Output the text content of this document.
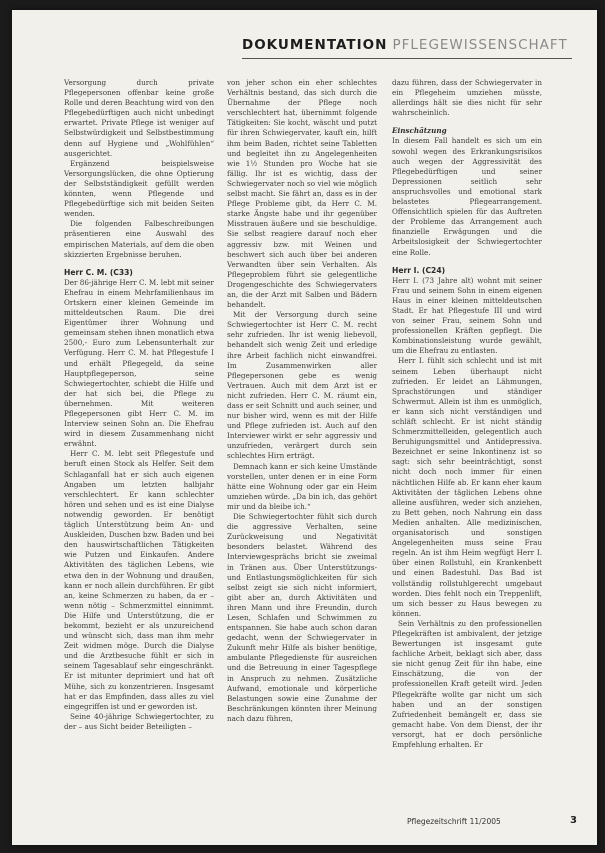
DOKUMENTATION PFLEGEWISSENSCHAFT

Versorgung durch private Pflegepersonen offenbar keine große Rolle und deren Beachtung wird von den Pflegebedürftigen auch nicht unbedingt erwartet. Private Pflege ist weniger auf Selbstwürdigkeit und Selbstbestimmung denn auf Hygiene und „Wohlfühlen“ ausgerichtet.

Ergänzend beispielsweise Versorgungslücken, die ohne Optierung der Selbstständigkeit gefüllt werden könnten, wenn Pflegende und Pflegebedürftige sich mit beiden Seiten wenden.

Die folgenden Falbeschreibungen präsentieren eine Auswahl des empirischen Materials, auf dem die oben skizzierten Ergebnisse beruhen.

Herr C. M. (C33)

Der 86-jährige Herr C. M. lebt mit seiner Ehefrau in einem Mehrfamilienhaus im Ortskern einer kleinen Gemeinde im mitteldeutschen Raum. Die drei Eigentümer ihrer Wohnung und gemeinsam stehen ihnen monatlich etwa 2500,- Euro zum Lebensunterhalt zur Verfügung. Herr C. M. hat Pflegestufe I und erhält Pflegegeld, da seine Hauptpflegeperson, seine Schwiegertochter, schiebt die Hilfe und der hat sich bei, die Pflege zu übernehmen. Mit weiteren Pflegepersonen gibt Herr C. M. im Interview seinen Sohn an. Die Ehefrau wird in diesem Zusammenhang nicht erwähnt.

Herr C. M. lebt seit Pflegestufe und beruft einen Stock als Helfer. Seit dem Schlaganfall hat er sich auch eigenen Angaben um letzten halbjahr verschlechtert. Er kann schlechter hören und sehen und es ist eine Dialyse notwendig geworden. Er benötigt täglich Unterstützung beim An- und Auskleiden, Duschen bzw. Baden und bei den hauswirtschaftlichen Tätigkeiten wie Putzen und Einkaufen. Andere Aktivitäten des täglichen Lebens, wie etwa den in der Wohnung und draußen, kann er noch allein durchführen. Er gibt an, keine Schmerzen zu haben, da er – wenn nötig – Schmerzmittel einnimmt. Die Hilfe und Unterstützung, die er bekommt, bezieht er als unzureichend und wünscht sich, dass man ihm mehr Zeit widmen möge. Durch die Dialyse und die Arztbesuche fühlt er sich in seinem Tagesablauf sehr eingeschränkt. Er ist mitunter deprimiert und hat oft Mühe, sich zu konzentrieren. Insgesamt hat er das Empfinden, dass alles zu viel eingegriffen ist und er geworden ist.

Seine 40-jährige Schwiegertochter, zu der – aus Sicht beider Beteiligten –

von jeher schon ein eher schlechtes Verhältnis bestand, das sich durch die Übernahme der Pflege noch verschlechtert hat, übernimmt folgende Tätigkeiten: Sie kocht, wäscht und putzt für ihren Schwiegervater, kauft ein, hilft ihm beim Baden, richtet seine Tabletten und begleitet ihn zu Angelegenheiten wie 1½ Stunden pro Woche hat sie fällig. Ihr ist es wichtig, dass der Schwiegervater noch so viel wie möglich selbst macht. Sie fährt an, dass es in der Pflege Probleme gibt, da Herr C. M. starke Ängste habe und ihr gegenüber Misstrauen äußere und sie beschuldige. Sie selbst reagiere darauf noch eher aggressiv bzw. mit Weinen und beschwert sich auch über bei anderen Verwandten über sein Verhalten. Als Pflegeproblem führt sie gelegentliche Drogengeschichte des Schwiegervaters an, die der Arzt mit Salben und Bädern behandelt.

Mit der Versorgung durch seine Schwiegertochter ist Herr C. M. recht sehr zufrieden. Ihr ist wenig liebevoll, behandelt sich wenig Zeit und erledige ihre Arbeit fachlich nicht einwandfrei. Im Zusammenwirken aller Pflegepersonen gebe es wenig Vertrauen. Auch mit dem Arzt ist er nicht zufrieden. Herr C. M. räumt ein, dass er seit Schnitt und auch seiner, und nur bisher wird, wenn es mit der Hilfe und Pflege zufrieden ist. Auch auf den Interviewer wirkt er sehr aggressiv und unzufrieden, verärgert durch sein schlechtes Hirn erträgt.

Demnach kann er sich keine Umstände vorstellen, unter denen er in eine Form hätte eine Wohnung oder gar ein Heim umziehen würde. „Da bin ich, das gehört mir und da bleibe ich.“

Die Schwiegertochter fühlt sich durch die aggressive Verhalten, seine Zurückweisung und Negativität besonders belastet. Während des Interviewgesprächs bricht sie zweimal in Tränen aus. Über Unterstützungs- und Entlastungsmöglichkeiten für sich selbst zeigt sie sich nicht informiert, gibt aber an, durch Aktivitäten und ihren Mann und ihre Freundin, durch Lesen, Schlafen und Schwimmen zu entspannen. Sie habe auch schon daran gedacht, wenn der Schwiegervater in Zukunft mehr Hilfe als bisher benötige, ambulante Pflegedienste für ausreichen und die Betreuung in einer Tagespflege in Anspruch zu nehmen. Zusätzliche Aufwand, emotionale und körperliche Belastungen sowie eine Zunahme der Beschränkungen könnten ihrer Meinung nach dazu führen,

dazu führen, dass der Schwiegervater in ein Pflegeheim umziehen müsste, allerdings hält sie dies nicht für sehr wahrscheinlich.

Einschätzung

In diesem Fall handelt es sich um ein sowohl wegen des Erkrankungsrisikos auch wegen der Aggressivität des Pflegebedürftigen und seiner Depressionen seitlich sehr anspruchsvolles und emotional stark belastetes Pflegearrangement. Offensichtlich spielen für das Auftreten der Probleme das Arrangement auch finanzielle Erwägungen und die Arbeitslosigkeit der Schwiegertochter eine Rolle.

Herr I. (C24)

Herr I. (73 Jahre alt) wohnt mit seiner Frau und seinem Sohn in einem eigenen Haus in einer kleinen mitteldeutschen Stadt. Er hat Pflegestufe III und wird von seiner Frau, seinem Sohn und professionellen Kräften gepflegt. Die Kombinationsleistung wurde gewählt, um die Ehefrau zu entlasten.

Herr I. fühlt sich schlecht und ist mit seinem Leben überhaupt nicht zufrieden. Er leidet an Lähmungen, Sprachstörungen und ständiger Schwermut. Allein ist ihm es unmöglich, er kann sich nicht verständigen und schläft schlecht. Er ist nicht ständig Schmerzmittelleiden, gelegentlich auch Beruhigungsmittel und Antidepressiva. Bezeichnet er seine Inkontinenz ist so sagt: sich sehr beeinträchtigt, sonst nicht doch noch immer für einen nächtlichen Hilfe ab. Er kann eher kaum Aktivitäten der täglichen Lebens ohne alleine ausführen, weder sich anziehen, zu Bett gehen, noch Nahrung ein dass Medien anhalten. Alle medizinischen, organisatorisch und sonstigen Angelegenheiten muss seine Frau regeln. An ist ihm Heim wegfügt Herr I. über einen Rollstuhl, ein Krankenbett und einen Badestuhl. Das Bad ist vollständig rollstuhlgerecht umgebaut worden. Dies fehlt noch ein Treppenlift, um sich besser zu Haus bewegen zu können.

Sein Verhältnis zu den professionellen Pflegekräften ist ambivalent, der jetzige Bewertungen ist insgesamt gute fachliche Arbeit, beklagt sich aber, dass sie nicht genug Zeit für ihn habe, eine Einschätzung, die von der professionellen Kraft geteilt wird. Jeden Pflegekräfte wollte gar nicht um sich haben und an der sonstigen Zufriedenheit bemängelt er, dass sie gemacht habe. Von dem Dienst, der ihr versorgt, hat er doch persönliche Empfehlung erhalten. Er

Pflegezeitschrift 11/2005	3
